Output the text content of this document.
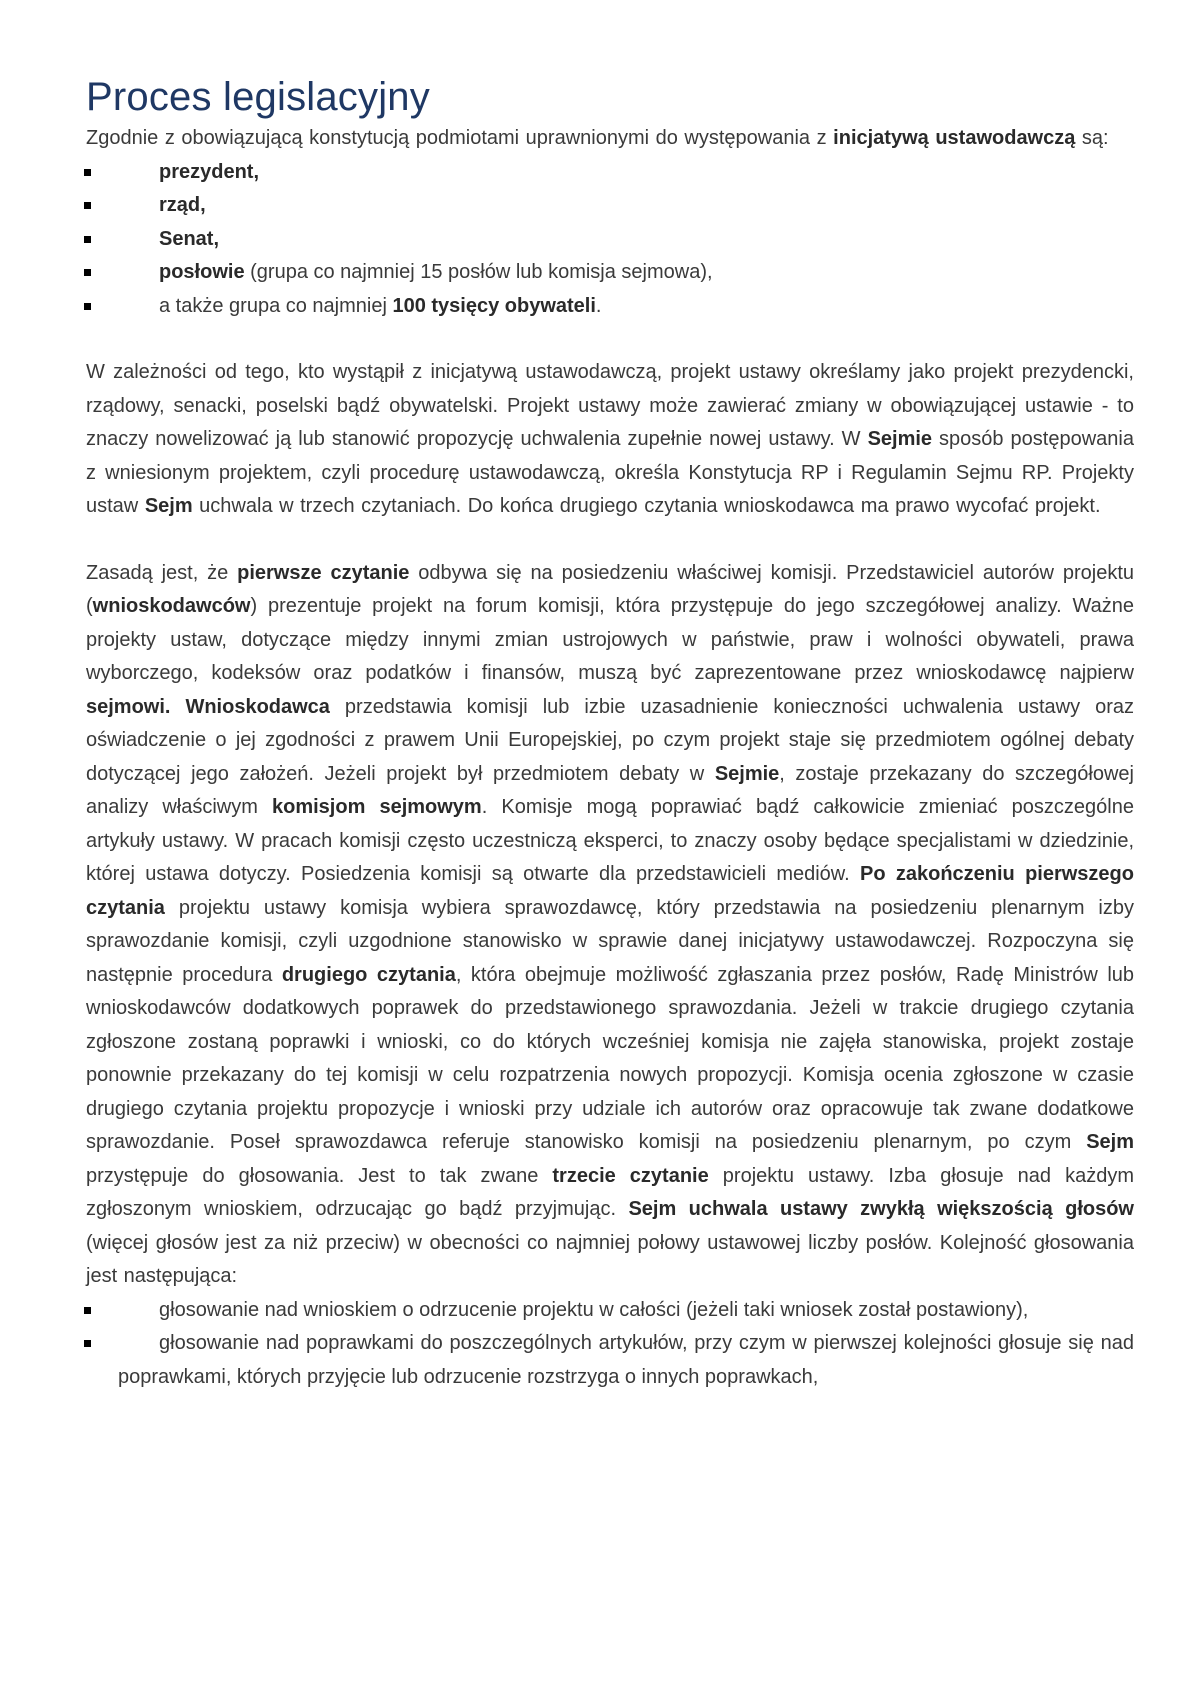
Proces legislacyjny

Zgodnie z obowiązującą konstytucją podmiotami uprawnionymi do występowania z inicjatywą ustawodawczą są:

prezydent,
rząd,
Senat,
posłowie (grupa co najmniej 15 posłów lub komisja sejmowa),
a także grupa co najmniej 100 tysięcy obywateli.

W zależności od tego, kto wystąpił z inicjatywą ustawodawczą, projekt ustawy określamy jako projekt prezydencki, rządowy, senacki, poselski bądź obywatelski. Projekt ustawy może zawierać zmiany w obowiązującej ustawie - to znaczy nowelizować ją lub stanowić propozycję uchwalenia zupełnie nowej ustawy. W Sejmie sposób postępowania z wniesionym projektem, czyli procedurę ustawodawczą, określa Konstytucja RP i Regulamin Sejmu RP. Projekty ustaw Sejm uchwala w trzech czytaniach. Do końca drugiego czytania wnioskodawca ma prawo wycofać projekt.

Zasadą jest, że pierwsze czytanie odbywa się na posiedzeniu właściwej komisji. Przedstawiciel autorów projektu (wnioskodawców) prezentuje projekt na forum komisji, która przystępuje do jego szczegółowej analizy. Ważne projekty ustaw, dotyczące między innymi zmian ustrojowych w państwie, praw i wolności obywateli, prawa wyborczego, kodeksów oraz podatków i finansów, muszą być zaprezentowane przez wnioskodawcę najpierw sejmowi. Wnioskodawca przedstawia komisji lub izbie uzasadnienie konieczności uchwalenia ustawy oraz oświadczenie o jej zgodności z prawem Unii Europejskiej, po czym projekt staje się przedmiotem ogólnej debaty dotyczącej jego założeń. Jeżeli projekt był przedmiotem debaty w Sejmie, zostaje przekazany do szczegółowej analizy właściwym komisjom sejmowym. Komisje mogą poprawiać bądź całkowicie zmieniać poszczególne artykuły ustawy. W pracach komisji często uczestniczą eksperci, to znaczy osoby będące specjalistami w dziedzinie, której ustawa dotyczy. Posiedzenia komisji są otwarte dla przedstawicieli mediów. Po zakończeniu pierwszego czytania projektu ustawy komisja wybiera sprawozdawcę, który przedstawia na posiedzeniu plenarnym izby sprawozdanie komisji, czyli uzgodnione stanowisko w sprawie danej inicjatywy ustawodawczej. Rozpoczyna się następnie procedura drugiego czytania, która obejmuje możliwość zgłaszania przez posłów, Radę Ministrów lub wnioskodawców dodatkowych poprawek do przedstawionego sprawozdania. Jeżeli w trakcie drugiego czytania zgłoszone zostaną poprawki i wnioski, co do których wcześniej komisja nie zajęła stanowiska, projekt zostaje ponownie przekazany do tej komisji w celu rozpatrzenia nowych propozycji. Komisja ocenia zgłoszone w czasie drugiego czytania projektu propozycje i wnioski przy udziale ich autorów oraz opracowuje tak zwane dodatkowe sprawozdanie. Poseł sprawozdawca referuje stanowisko komisji na posiedzeniu plenarnym, po czym Sejm przystępuje do głosowania. Jest to tak zwane trzecie czytanie projektu ustawy. Izba głosuje nad każdym zgłoszonym wnioskiem, odrzucając go bądź przyjmując. Sejm uchwala ustawy zwykłą większością głosów (więcej głosów jest za niż przeciw) w obecności co najmniej połowy ustawowej liczby posłów. Kolejność głosowania jest następująca:

głosowanie nad wnioskiem o odrzucenie projektu w całości (jeżeli taki wniosek został postawiony),
głosowanie nad poprawkami do poszczególnych artykułów, przy czym w pierwszej kolejności głosuje się nad poprawkami, których przyjęcie lub odrzucenie rozstrzyga o innych poprawkach,
